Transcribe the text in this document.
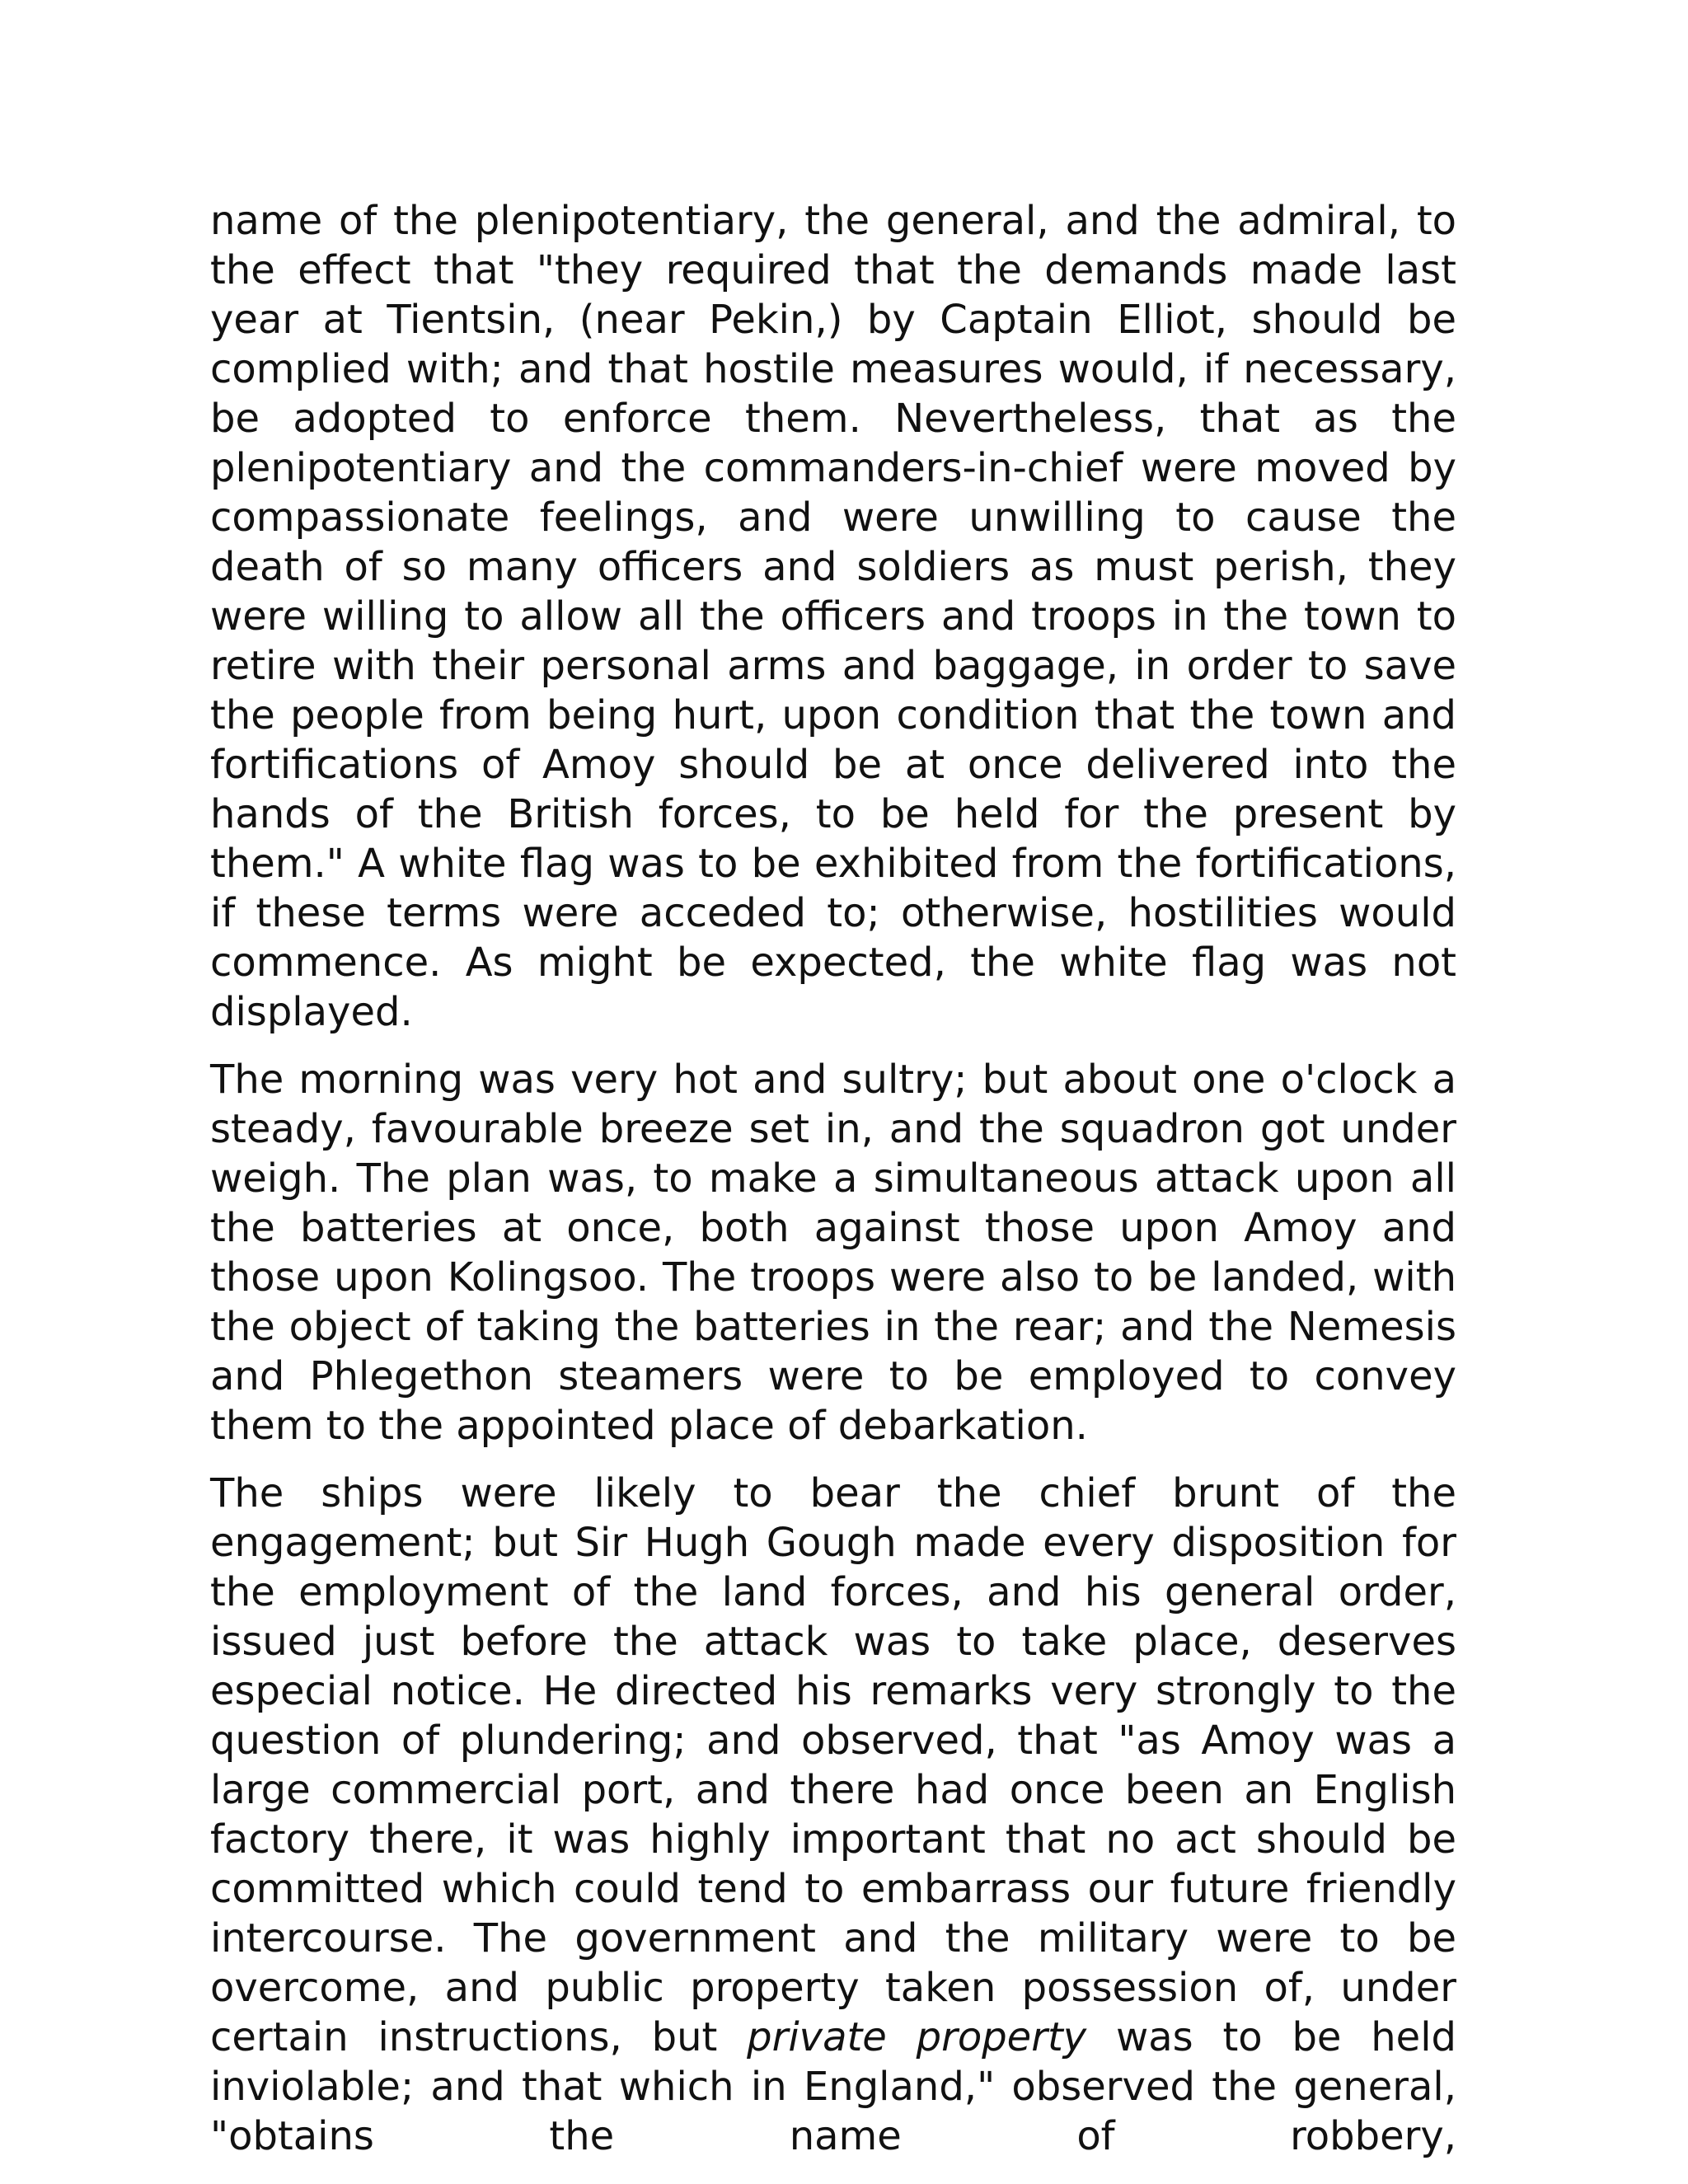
name of the plenipotentiary, the general, and the admiral, to the effect that "they required that the demands made last year at Tientsin, (near Pekin,) by Captain Elliot, should be complied with; and that hostile measures would, if necessary, be adopted to enforce them. Nevertheless, that as the plenipotentiary and the commanders-in-chief were moved by compassionate feelings, and were unwilling to cause the death of so many officers and soldiers as must perish, they were willing to allow all the officers and troops in the town to retire with their personal arms and baggage, in order to save the people from being hurt, upon condition that the town and fortifications of Amoy should be at once delivered into the hands of the British forces, to be held for the present by them." A white flag was to be exhibited from the fortifications, if these terms were acceded to; otherwise, hostilities would commence. As might be expected, the white flag was not displayed.

The morning was very hot and sultry; but about one o'clock a steady, favourable breeze set in, and the squadron got under weigh. The plan was, to make a simultaneous attack upon all the batteries at once, both against those upon Amoy and those upon Kolingsoo. The troops were also to be landed, with the object of taking the batteries in the rear; and the Nemesis and Phlegethon steamers were to be employed to convey them to the appointed place of debarkation.

The ships were likely to bear the chief brunt of the engagement; but Sir Hugh Gough made every disposition for the employment of the land forces, and his general order, issued just before the attack was to take place, deserves especial notice. He directed his remarks very strongly to the question of plundering; and observed, that "as Amoy was a large commercial port, and there had once been an English factory there, it was highly important that no act should be committed which could tend to embarrass our future friendly intercourse. The government and the military were to be overcome, and public property taken possession of, under certain instructions, but private property was to be held inviolable; and that which in England," observed the general, "obtains the name of robbery,
